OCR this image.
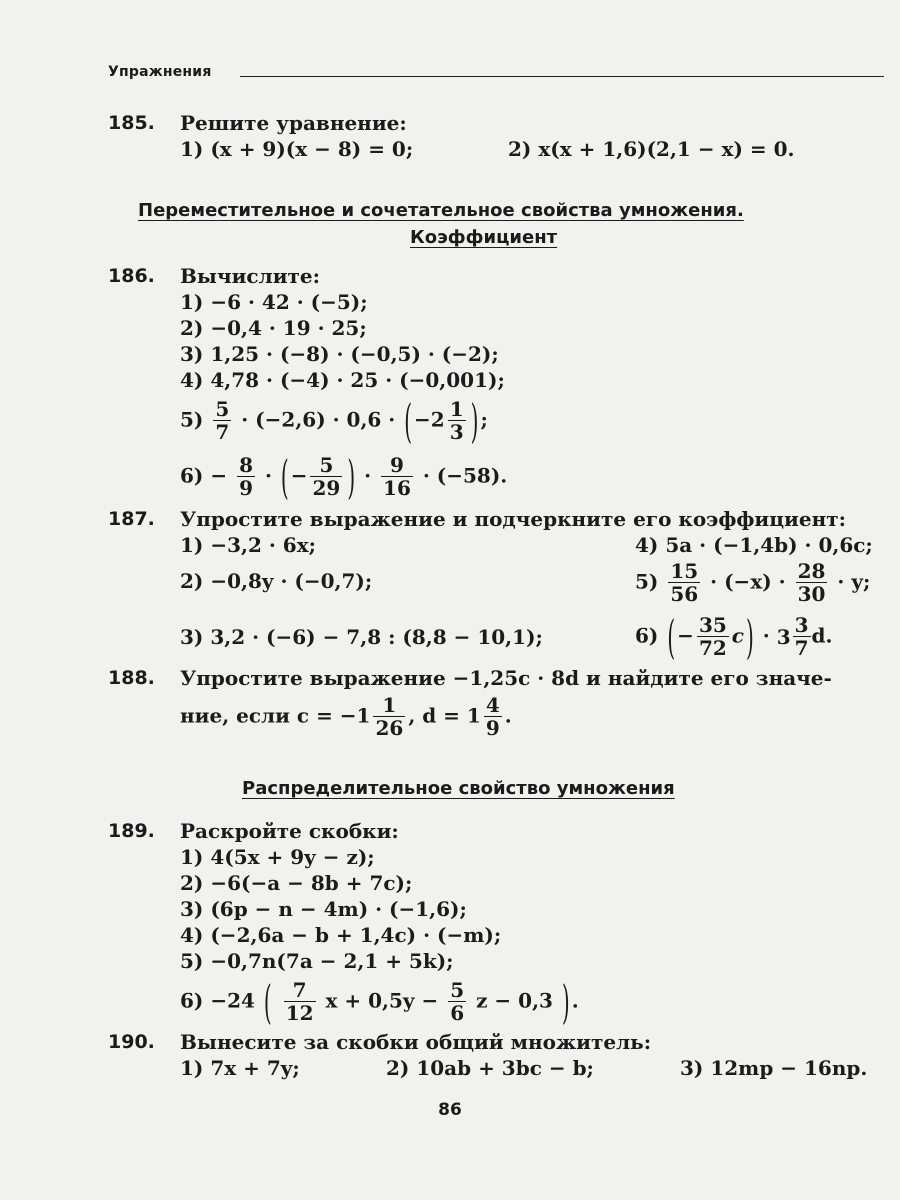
Упражнения
185. Решите уравнение:
1) (x + 9)(x − 8) = 0;	2) x(x + 1,6)(2,1 − x) = 0.
Переместительное и сочетательное свойства умножения.
Коэффициент
186. Вычислите:
1) −6 · 42 · (−5);
2) −0,4 · 19 · 25;
3) 1,25 · (−8) · (−0,5) · (−2);
4) 4,78 · (−4) · 25 · (−0,001);
$5) \frac{5}{7} \cdot (-2,6) \cdot 0,6$ · ( $-2 \frac{1}{3}$ ) ;
$6) - \frac{8}{9}$ · ( − $\frac{5}{29}$ ) · $\frac{9}{16} \cdot (-58)$.
187. Упростите выражение и подчеркните его коэффициент:
1) −3,2 · 6x;	4) 5a · (−1,4b) · 0,6c;
2) −0,8y · (−0,7);	$5) \frac{15}{56} \cdot (-x) \cdot \frac{28}{30} \cdot y$;
3) 3,2 · (−6) − 7,8 : (8,8 − 10,1);	6) ( − $\frac{35}{72}$ c ) · $3 \frac{3}{7} d$.
188. Упростите выражение −1,25c · 8d и найдите его значе-
ние, если $c = -1 \frac{1}{26}$ , $d = 1 \frac{4}{9}$ .
Распределительное свойство умножения
189. Раскройте скобки:
1) 4(5x + 9y − z);
2) −6(−a − 8b + 7c);
3) (6p − n − 4m) · (−1,6);
4) (−2,6a − b + 1,4c) · (−m);
5) −0,7n(7a − 2,1 + 5k);
6) −24 ( $\frac{7}{12}$ $x + 0,5y - \frac{5}{6}$ z − 0,3 ) .
190. Вынесите за скобки общий множитель:
1) 7x + 7y;	2) 10ab + 3bc − b;	3) 12mp − 16np.
86
